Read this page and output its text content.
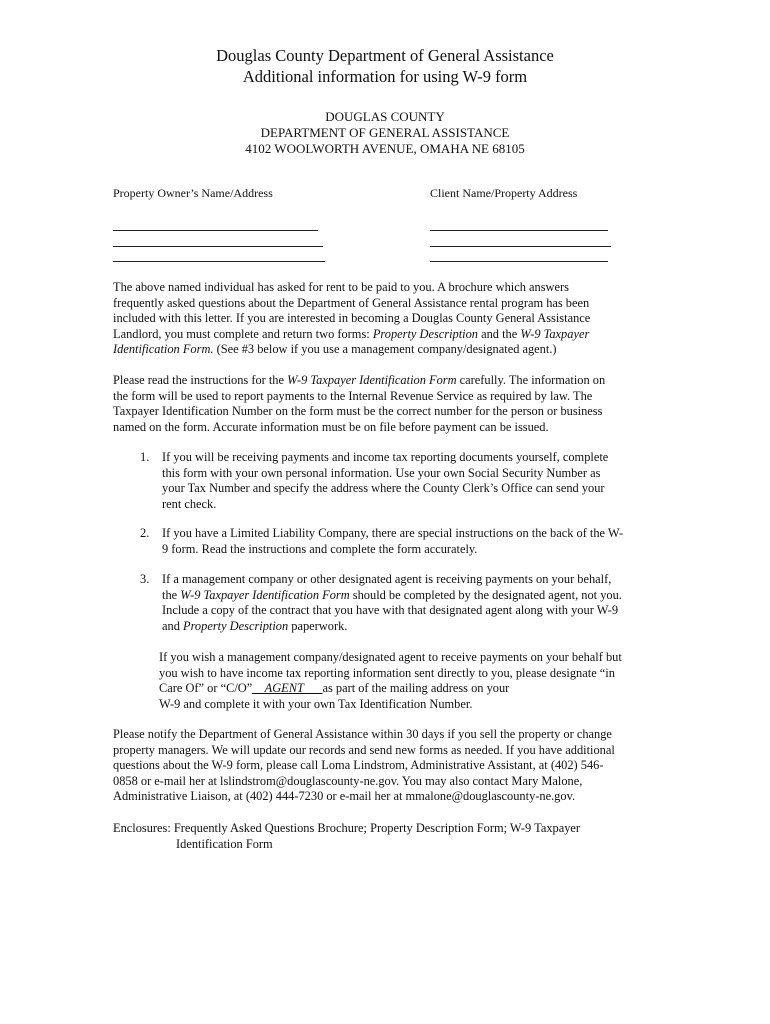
Douglas County Department of General Assistance
Additional information for using W-9 form
DOUGLAS COUNTY
DEPARTMENT OF GENERAL ASSISTANCE
4102 WOOLWORTH AVENUE, OMAHA NE 68105
Property Owner’s Name/Address	Client Name/Property Address
The above named individual has asked for rent to be paid to you. A brochure which answers
frequently asked questions about the Department of General Assistance rental program has been
included with this letter. If you are interested in becoming a Douglas County General Assistance
Landlord, you must complete and return two forms: Property Description and the W-9 Taxpayer
Identification Form. (See #3 below if you use a management company/designated agent.)
Please read the instructions for the W-9 Taxpayer Identification Form carefully. The information on
the form will be used to report payments to the Internal Revenue Service as required by law. The
Taxpayer Identification Number on the form must be the correct number for the person or business
named on the form. Accurate information must be on file before payment can be issued.
1. If you will be receiving payments and income tax reporting documents yourself, complete
this form with your own personal information. Use your own Social Security Number as
your Tax Number and specify the address where the County Clerk’s Office can send your
rent check.
2. If you have a Limited Liability Company, there are special instructions on the back of the W-
9 form. Read the instructions and complete the form accurately.
3. If a management company or other designated agent is receiving payments on your behalf,
the W-9 Taxpayer Identification Form should be completed by the designated agent, not you.
Include a copy of the contract that you have with that designated agent along with your W-9
and Property Description paperwork.
If you wish a management company/designated agent to receive payments on your behalf but
you wish to have income tax reporting information sent directly to you, please designate “in
Care Of” or “C/O”__AGENT___as part of the mailing address on your
W-9 and complete it with your own Tax Identification Number.
Please notify the Department of General Assistance within 30 days if you sell the property or change
property managers. We will update our records and send new forms as needed. If you have additional
questions about the W-9 form, please call Loma Lindstrom, Administrative Assistant, at (402) 546-
0858 or e-mail her at lslindstrom@douglascounty-ne.gov. You may also contact Mary Malone,
Administrative Liaison, at (402) 444-7230 or e-mail her at mmalone@douglascounty-ne.gov.
Enclosures: Frequently Asked Questions Brochure; Property Description Form; W-9 Taxpayer
Identification Form
